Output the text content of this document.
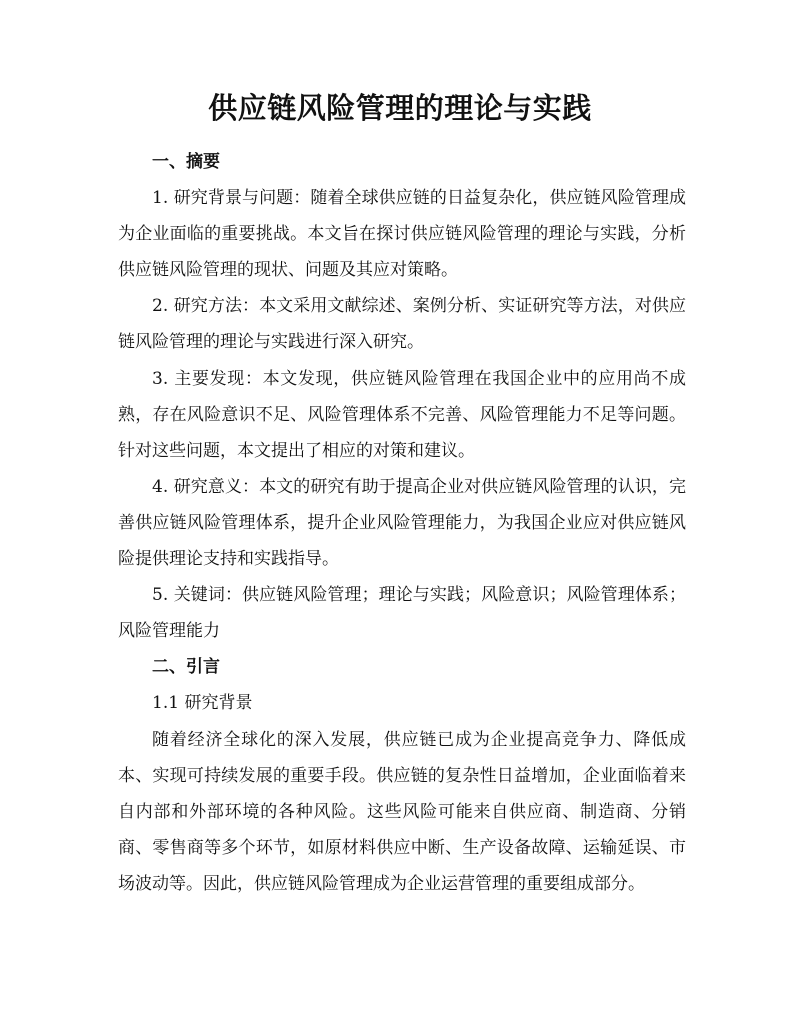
供应链风险管理的理论与实践

一、摘要

1. 研究背景与问题：随着全球供应链的日益复杂化，供应链风险管理成为企业面临的重要挑战。本文旨在探讨供应链风险管理的理论与实践，分析供应链风险管理的现状、问题及其应对策略。

2. 研究方法：本文采用文献综述、案例分析、实证研究等方法，对供应链风险管理的理论与实践进行深入研究。

3. 主要发现：本文发现，供应链风险管理在我国企业中的应用尚不成熟，存在风险意识不足、风险管理体系不完善、风险管理能力不足等问题。针对这些问题，本文提出了相应的对策和建议。

4. 研究意义：本文的研究有助于提高企业对供应链风险管理的认识，完善供应链风险管理体系，提升企业风险管理能力，为我国企业应对供应链风险提供理论支持和实践指导。

5. 关键词：供应链风险管理；理论与实践；风险意识；风险管理体系；风险管理能力

二、引言

1.1 研究背景

随着经济全球化的深入发展，供应链已成为企业提高竞争力、降低成本、实现可持续发展的重要手段。供应链的复杂性日益增加，企业面临着来自内部和外部环境的各种风险。这些风险可能来自供应商、制造商、分销商、零售商等多个环节，如原材料供应中断、生产设备故障、运输延误、市场波动等。因此，供应链风险管理成为企业运营管理的重要组成部分。
